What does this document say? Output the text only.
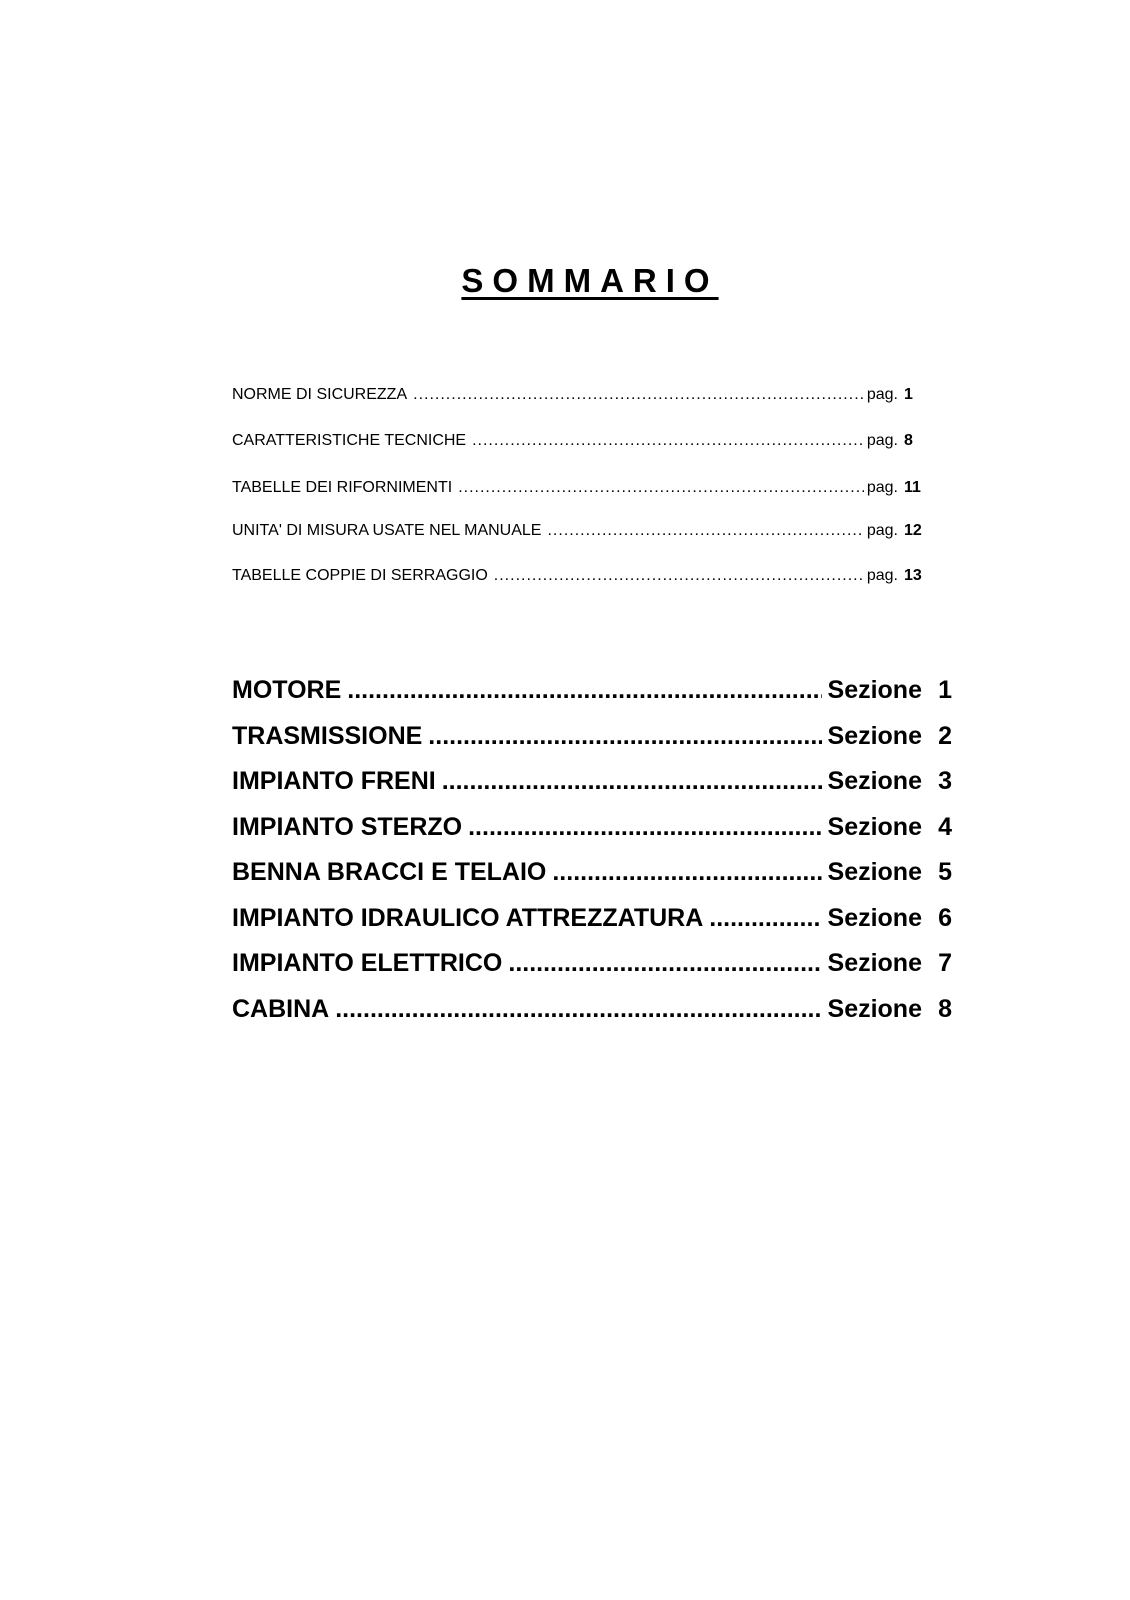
SOMMARIO
NORME DI SICUREZZA .....	pag. 1
CARATTERISTICHE TECNICHE .....	pag. 8
TABELLE DEI RIFORNIMENTI .....	pag. 11
UNITA' DI MISURA USATE NEL MANUALE .....	pag. 12
TABELLE COPPIE DI SERRAGGIO .....	pag. 13
MOTORE .....	Sezione 1
TRASMISSIONE .....	Sezione 2
IMPIANTO FRENI .....	Sezione 3
IMPIANTO STERZO .....	Sezione 4
BENNA BRACCI E TELAIO .....	Sezione 5
IMPIANTO IDRAULICO ATTREZZATURA .....	Sezione 6
IMPIANTO ELETTRICO .....	Sezione 7
CABINA .....	Sezione 8
